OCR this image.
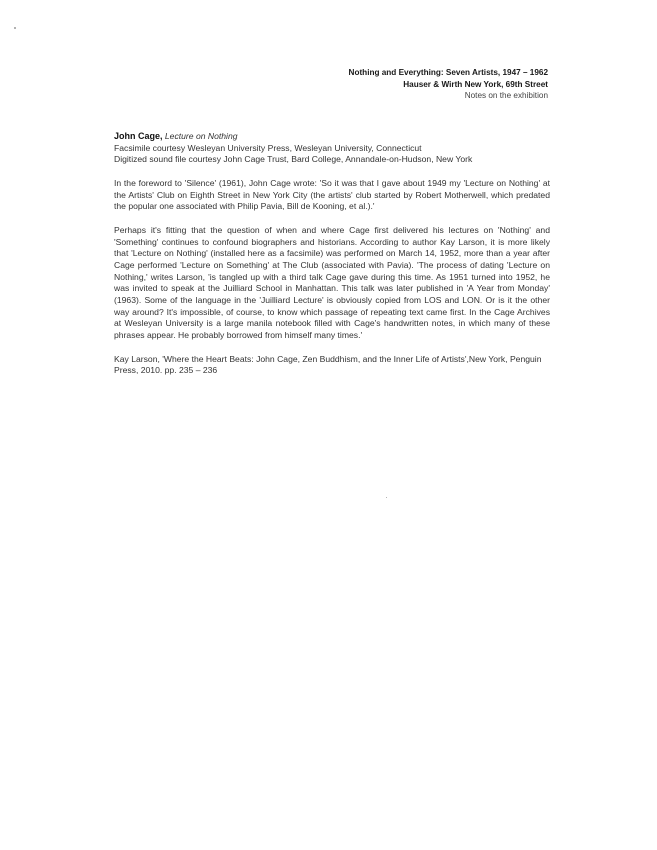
Nothing and Everything: Seven Artists, 1947 – 1962
Hauser & Wirth New York, 69th Street
Notes on the exhibition
John Cage, Lecture on Nothing
Facsimile courtesy Wesleyan University Press, Wesleyan University, Connecticut
Digitized sound file courtesy John Cage Trust, Bard College, Annandale-on-Hudson, New York

In the foreword to 'Silence' (1961), John Cage wrote: 'So it was that I gave about 1949 my 'Lecture on Nothing' at the Artists' Club on Eighth Street in New York City (the artists' club started by Robert Motherwell, which predated the popular one associated with Philip Pavia, Bill de Kooning, et al.).'

Perhaps it's fitting that the question of when and where Cage first delivered his lectures on 'Nothing' and 'Something' continues to confound biographers and historians. According to author Kay Larson, it is more likely that 'Lecture on Nothing' (installed here as a facsimile) was performed on March 14, 1952, more than a year after Cage performed 'Lecture on Something' at The Club (associated with Pavia). 'The process of dating 'Lecture on Nothing,' writes Larson, 'is tangled up with a third talk Cage gave during this time. As 1951 turned into 1952, he was invited to speak at the Juilliard School in Manhattan. This talk was later published in 'A Year from Monday' (1963). Some of the language in the 'Juilliard Lecture' is obviously copied from LOS and LON. Or is it the other way around? It's impossible, of course, to know which passage of repeating text came first. In the Cage Archives at Wesleyan University is a large manila notebook filled with Cage's handwritten notes, in which many of these phrases appear. He probably borrowed from himself many times.'

Kay Larson, 'Where the Heart Beats: John Cage, Zen Buddhism, and the Inner Life of Artists',New York, Penguin Press, 2010. pp. 235 – 236
